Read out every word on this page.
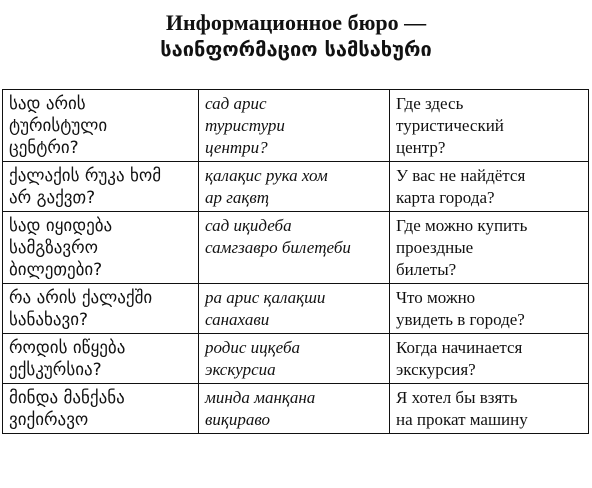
Информационное бюро —
საინფორმაციო სამსახური
სად არის
ტურისტული
ცენტრი?	сад арис
туристури
центри?	Где здесь
туристический
центр?

ქალაქის რუკა ხომ
არ გაქვთ?	қалақис рука хом
ар гақвҭ	У вас не найдётся
карта города?

სად იყიდება
სამგზავრო
ბილეთები?	сад иқидеба
самгзавро билеҭеби	Где можно купить
проездные
билеты?

რა არის ქალაქში
სანახავი?	ра арис қалақши
санахави	Что можно
увидеть в городе?

როდის იწყება
ექსკურსია?	родис ицқеба
экскурсиа	Когда начинается
экскурсия?

მინდა მანქანა
ვიქირავო	минда манқана
виқираво	Я хотел бы взять
на прокат машину
